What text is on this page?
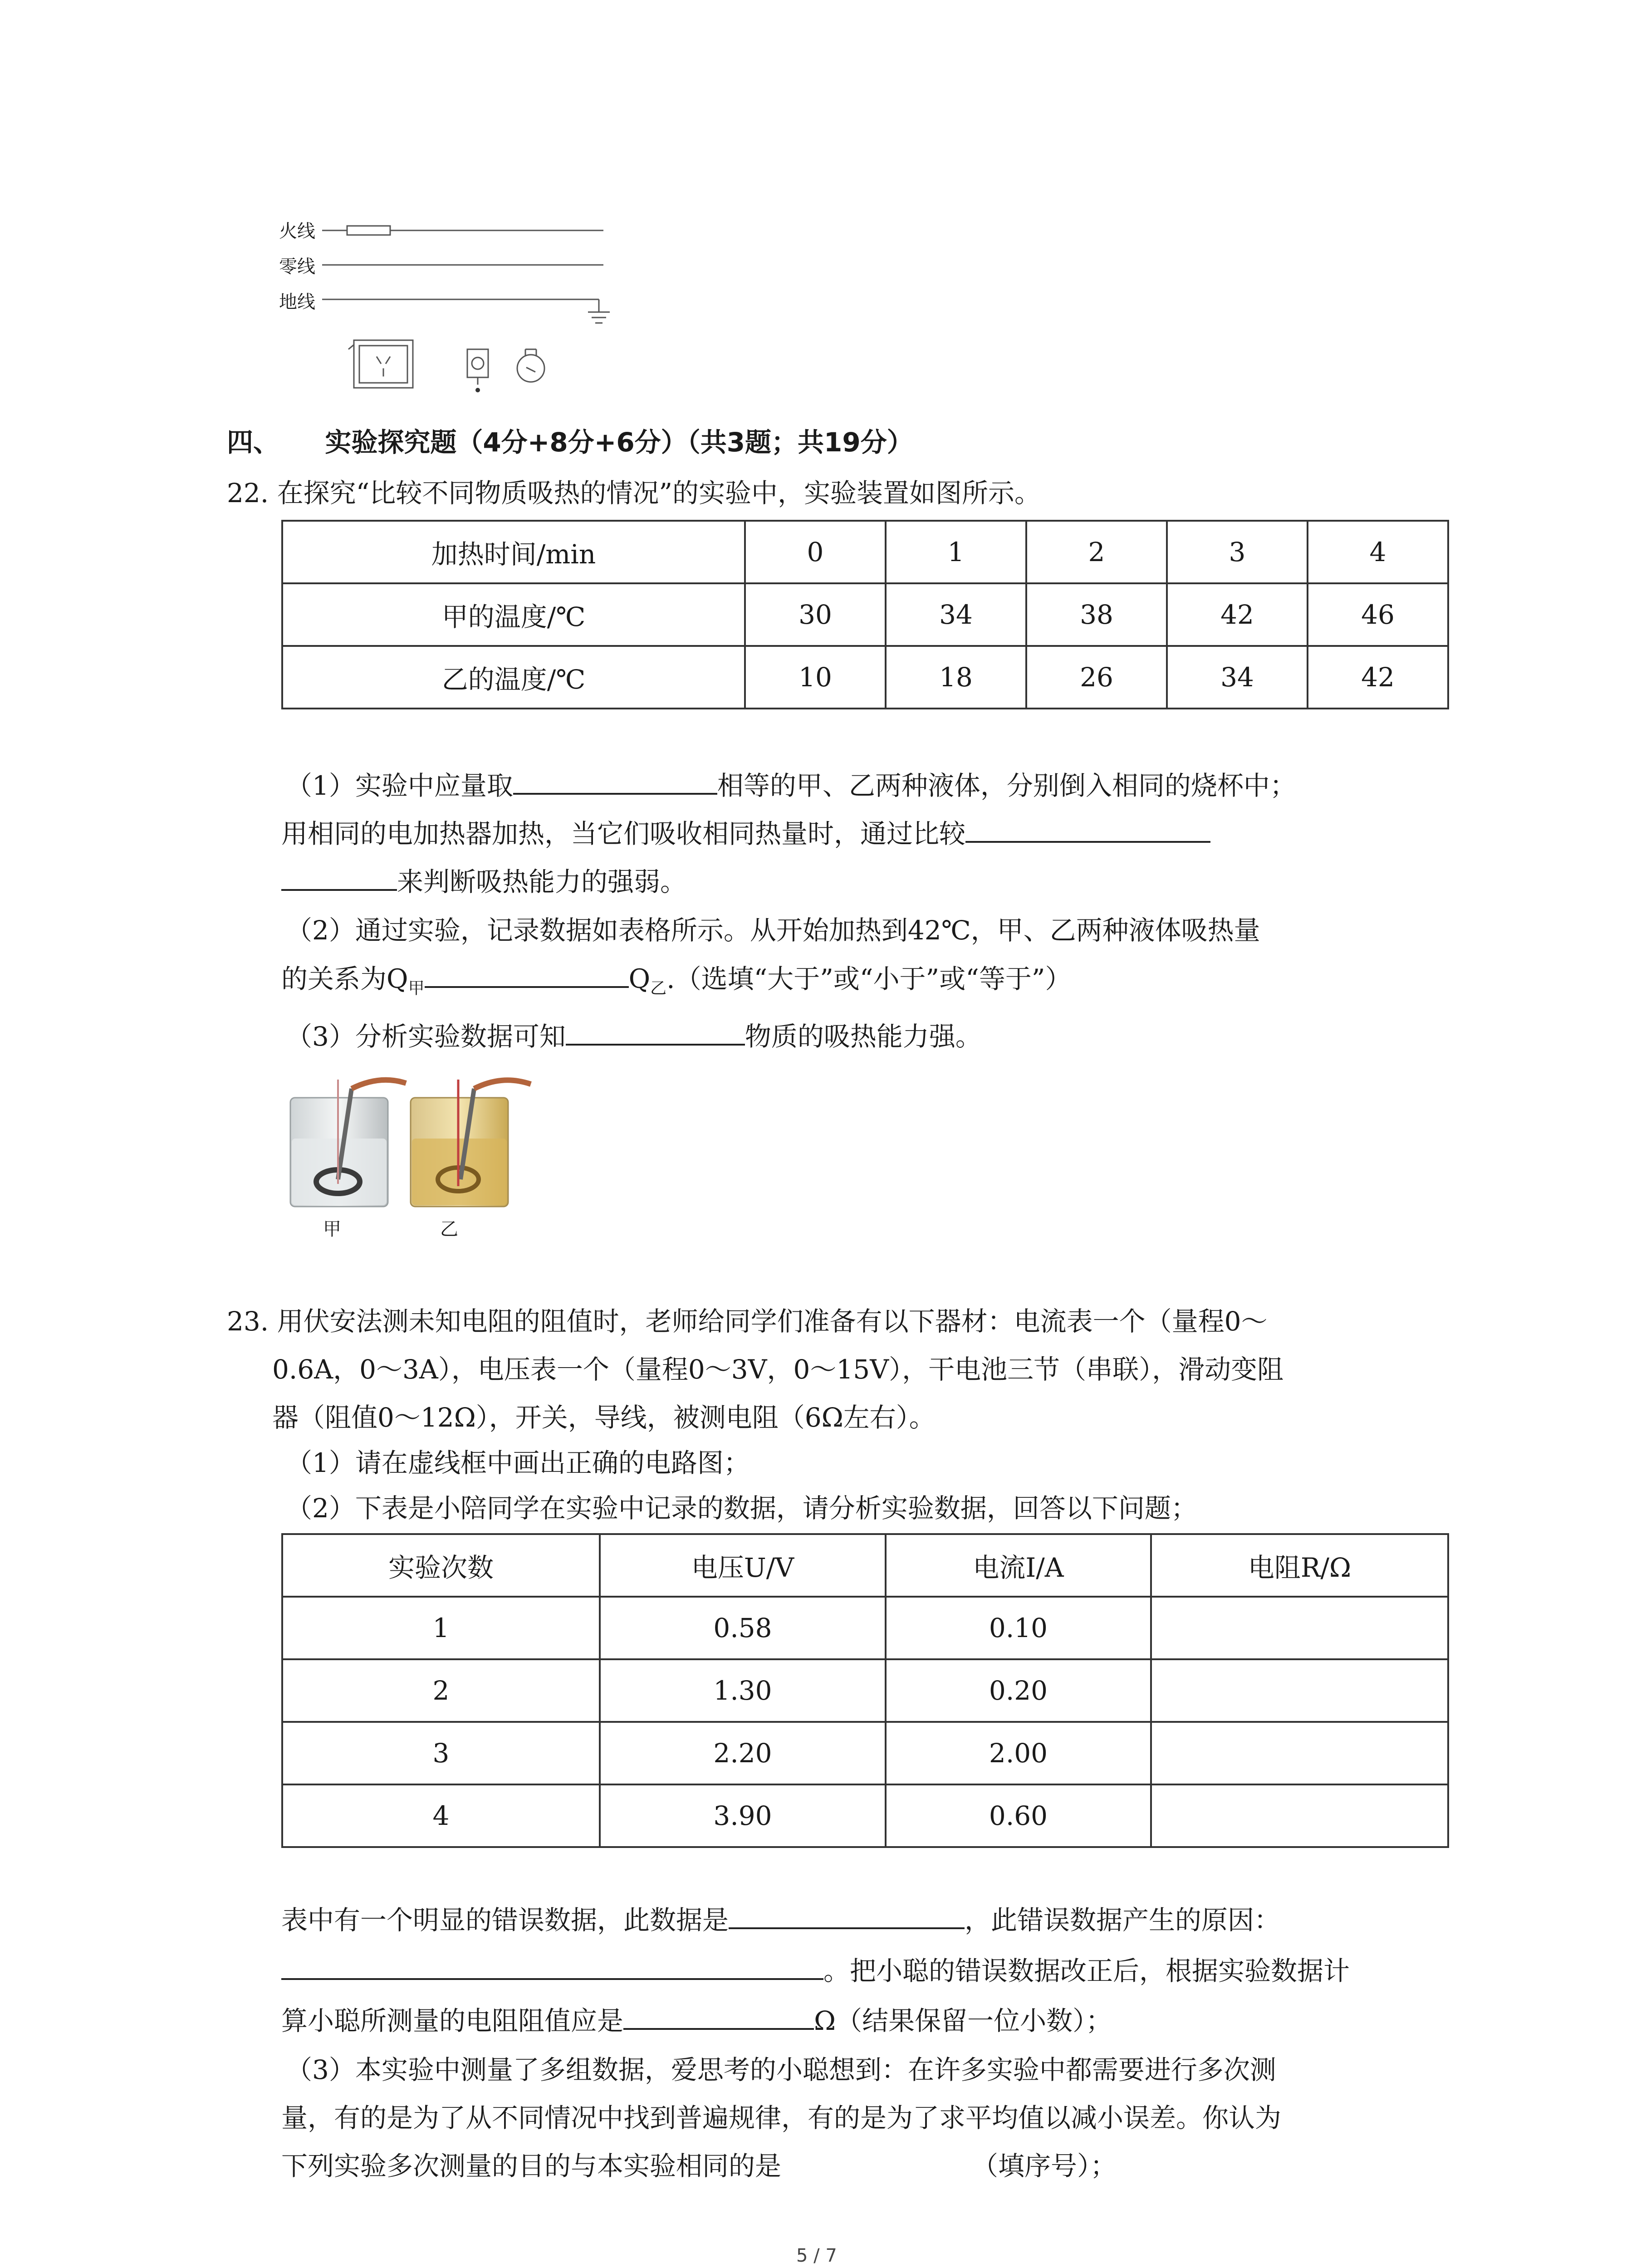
火线
零线
地线
四、 实验探究题（4分+8分+6分）（共3题；共19分）
22. 在探究“比较不同物质吸热的情况”的实验中，实验装置如图所示。
加热时间/min	0	1	2	3	4
甲的温度/℃	30	34	38	42	46
乙的温度/℃	10	18	26	34	42
（1）实验中应量取	相等的甲、乙两种液体，分别倒入相同的烧杯中；
用相同的电加热器加热，当它们吸收相同热量时，通过比较
来判断吸热能力的强弱。
（2）通过实验，记录数据如表格所示。从开始加热到42℃，甲、乙两种液体吸热量
的关系为$Q_甲$	$Q_乙$.（选填“大于”或“小于”或“等于”）
（3）分析实验数据可知	物质的吸热能力强。
甲	乙
23. 用伏安法测未知电阻的阻值时，老师给同学们准备有以下器材：电流表一个（量程0～
0.6A，0～3A），电压表一个（量程0～3V，0～15V），干电池三节（串联），滑动变阻
器（阻值0～12Ω），开关，导线，被测电阻（6Ω左右）。
（1）请在虚线框中画出正确的电路图；
（2）下表是小陪同学在实验中记录的数据，请分析实验数据，回答以下问题；
实验次数	电压U/V	电流I/A	电阻R/Ω
1	0.58	0.10	
2	1.30	0.20	
3	2.20	2.00	
4	3.90	0.60	
表中有一个明显的错误数据，此数据是	，此错误数据产生的原因：
。把小聪的错误数据改正后，根据实验数据计
算小聪所测量的电阻阻值应是	Ω（结果保留一位小数）；
（3）本实验中测量了多组数据，爱思考的小聪想到：在许多实验中都需要进行多次测
量，有的是为了从不同情况中找到普遍规律，有的是为了求平均值以减小误差。你认为
下列实验多次测量的目的与本实验相同的是	（填序号）；
5 / 7
